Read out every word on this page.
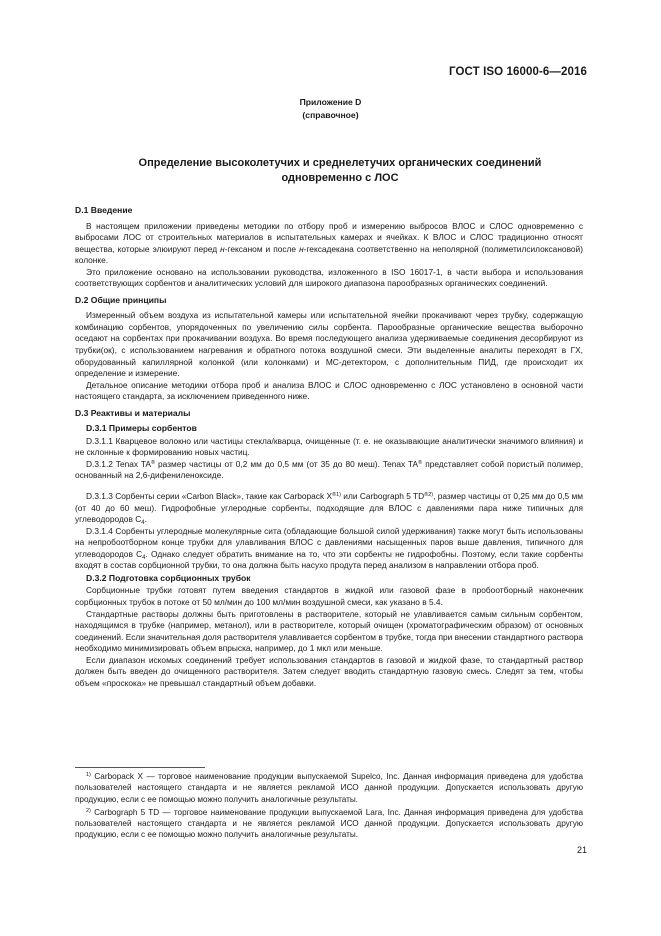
ГОСТ ISO 16000-6—2016
Приложение D
(справочное)
Определение высоколетучих и среднелетучих органических соединений
одновременно с ЛОС
D.1 Введение

В настоящем приложении приведены методики по отбору проб и измерению выбросов ВЛОС и СЛОС одновременно с выбросами ЛОС от строительных материалов в испытательных камерах и ячейках. К ВЛОС и СЛОС традиционно относят вещества, которые элюируют перед н-гексаном и после н-гексадекана соответственно на неполярной (полиметилсилоксановой) колонке.

Это приложение основано на использовании руководства, изложенного в ISO 16017-1, в части выбора и использования соответствующих сорбентов и аналитических условий для широкого диапазона парообразных органических соединений.

D.2 Общие принципы

Измеренный объем воздуха из испытательной камеры или испытательной ячейки прокачивают через трубку, содержащую комбинацию сорбентов, упорядоченных по увеличению силы сорбента. Парообразные органические вещества выборочно оседают на сорбентах при прокачивании воздуха. Во время последующего анализа удерживаемые соединения десорбируют из трубки(ок), с использованием нагревания и обратного потока воздушной смеси. Эти выделенные аналиты переходят в ГХ, оборудованный капиллярной колонкой (или колонками) и МС-детектором, с дополнительным ПИД, где происходит их определение и измерение.

Детальное описание методики отбора проб и анализа ВЛОС и СЛОС одновременно с ЛОС установлено в основной части настоящего стандарта, за исключением приведенного ниже.

D.3 Реактивы и материалы
D.3.1 Примеры сорбентов

D.3.1.1 Кварцевое волокно или частицы стекла/кварца, очищенные (т. е. не оказывающие аналитически значимого влияния) и не склонные к формированию новых частиц.

D.3.1.2 Tenax TA® размер частицы от 0,2 мм до 0,5 мм (от 35 до 80 меш). Tenax TA® представляет собой пористый полимер, основанный на 2,6-дифениленоксиде.

D.3.1.3 Сорбенты серии «Carbon Black», такие как Carbopack $X^{®1)}$ или Carbograph 5 $TD^{®2)}$, размер частицы от 0,25 мм до 0,5 мм (от 40 до 60 меш). Гидрофобные углеродные сорбенты, подходящие для ВЛОС с давлениями пара ниже типичных для углеводородов $С_4$.

D.3.1.4 Сорбенты углеродные молекулярные сита (обладающие большой силой удерживания) также могут быть использованы на непробоотборном конце трубки для улавливания ВЛОС с давлениями насыщенных паров выше давления, типичного для углеводородов $С_4$. Однако следует обратить внимание на то, что эти сорбенты не гидрофобны. Поэтому, если такие сорбенты входят в состав сорбционной трубки, то она должна быть насухо продута перед анализом в направлении отбора проб.

D.3.2 Подготовка сорбционных трубок

Сорбционные трубки готовят путем введения стандартов в жидкой или газовой фазе в пробоотборный наконечник сорбционных трубок в потоке от 50 мл/мин до 100 мл/мин воздушной смеси, как указано в 5.4.

Стандартные растворы должны быть приготовлены в растворителе, который не улавливается самым сильным сорбентом, находящимся в трубке (например, метанол), или в растворителе, который очищен (хроматографическим образом) от основных соединений. Если значительная доля растворителя улавливается сорбентом в трубке, тогда при внесении стандартного раствора необходимо минимизировать объем впрыска, например, до 1 мкл или меньше.

Если диапазон искомых соединений требует использования стандартов в газовой и жидкой фазе, то стандартный раствор должен быть введен до очищенного растворителя. Затем следует вводить стандартную газовую смесь. Следят за тем, чтобы объем «проскока» не превышал стандартный объем добавки.

$^{1)}$ Carbopack X — торговое наименование продукции выпускаемой Supelco, Inc. Данная информация приведена для удобства пользователей настоящего стандарта и не является рекламой ИСО данной продукции. Допускается использовать другую продукцию, если с ее помощью можно получить аналогичные результаты.

$^{2)}$ Carbograph 5 TD — торговое наименование продукции выпускаемой Lara, Inc. Данная информация приведена для удобства пользователей настоящего стандарта и не является рекламой ИСО данной продукции. Допускается использовать другую продукцию, если с ее помощью можно получить аналогичные результаты.

21
